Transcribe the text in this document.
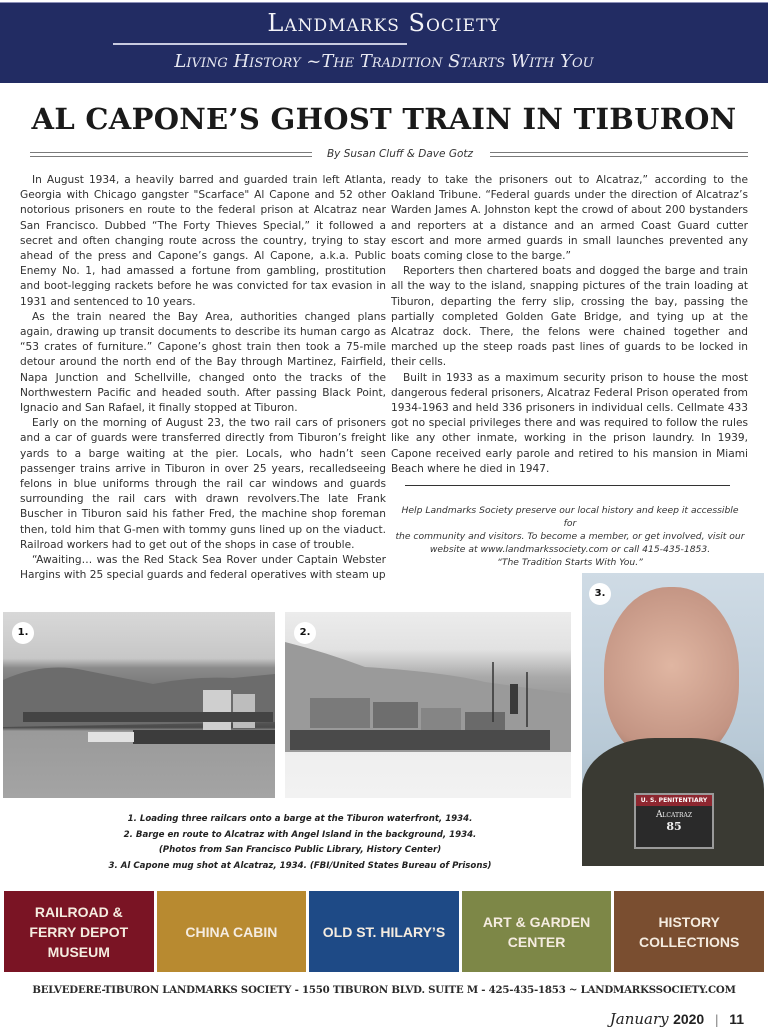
Landmarks Society
Living History ~The Tradition Starts With You
AL CAPONE’S GHOST TRAIN IN TIBURON
By Susan Cluff & Dave Gotz

In August 1934, a heavily barred and guarded train left Atlanta, Georgia with Chicago gangster "Scarface" Al Capone and 52 other notorious prisoners en route to the federal prison at Alcatraz near San Francisco. Dubbed “The Forty Thieves Special,” it followed a secret and often changing route across the country, trying to stay ahead of the press and Capone’s gangs. Al Capone, a.k.a. Public Enemy No. 1, had amassed a fortune from gambling, prostitution and boot-legging rackets before he was convicted for tax evasion in 1931 and sentenced to 10 years.

As the train neared the Bay Area, authorities changed plans again, drawing up transit documents to describe its human cargo as “53 crates of furniture.” Capone’s ghost train then took a 75-mile detour around the north end of the Bay through Martinez, Fairfield, Napa Junction and Schellville, changed onto the tracks of the Northwestern Pacific and headed south. After passing Black Point, Ignacio and San Rafael, it finally stopped at Tiburon.

Early on the morning of August 23, the two rail cars of prisoners and a car of guards were transferred directly from Tiburon’s freight yards to a barge waiting at the pier. Locals, who hadn’t seen passenger trains arrive in Tiburon in over 25 years, recalledseeing felons in blue uniforms through the rail car windows and guards surrounding the rail cars with drawn revolvers.The late Frank Buscher in Tiburon said his father Fred, the machine shop foreman then, told him that G-men with tommy guns lined up on the viaduct. Railroad workers had to get out of the shops in case of trouble.

“Awaiting… was the Red Stack Sea Rover under Captain Webster Hargins with 25 special guards and federal operatives with steam up

ready to take the prisoners out to Alcatraz,” according to the Oakland Tribune. “Federal guards under the direction of Alcatraz’s Warden James A. Johnston kept the crowd of about 200 bystanders and reporters at a distance and an armed Coast Guard cutter escort and more armed guards in small launches prevented any boats coming close to the barge.”

Reporters then chartered boats and dogged the barge and train all the way to the island, snapping pictures of the train loading at Tiburon, departing the ferry slip, crossing the bay, passing the partially completed Golden Gate Bridge, and tying up at the Alcatraz dock. There, the felons were chained together and marched up the steep roads past lines of guards to be locked in their cells.

Built in 1933 as a maximum security prison to house the most dangerous federal prisoners, Alcatraz Federal Prison operated from 1934-1963 and held 336 prisoners in individual cells. Cellmate 433 got no special privileges there and was required to follow the rules like any other inmate, working in the prison laundry. In 1939, Capone received early parole and retired to his mansion in Miami Beach where he died in 1947.

Help Landmarks Society preserve our local history and keep it accessible for
the community and visitors. To become a member, or get involved, visit our
website at www.landmarkssociety.com or call 415-435-1853.
“The Tradition Starts With You.”
1.	2.
U. S. PENITENTIARY
Alcatraz
85
3.
1. Loading three railcars onto a barge at the Tiburon waterfront, 1934.
2. Barge en route to Alcatraz with Angel Island in the background, 1934.
(Photos from San Francisco Public Library, History Center)
3. Al Capone mug shot at Alcatraz, 1934. (FBI/United States Bureau of Prisons)
RAILROAD & FERRY DEPOT MUSEUM
CHINA CABIN	OLD ST. HILARY’S
ART & GARDEN CENTER
HISTORY COLLECTIONS
BELVEDERE-TIBURON LANDMARKS SOCIETY - 1550 TIBURON BLVD. SUITE M - 425-435-1853 ~ LANDMARKSSOCIETY.COM
January 2020 | 11
